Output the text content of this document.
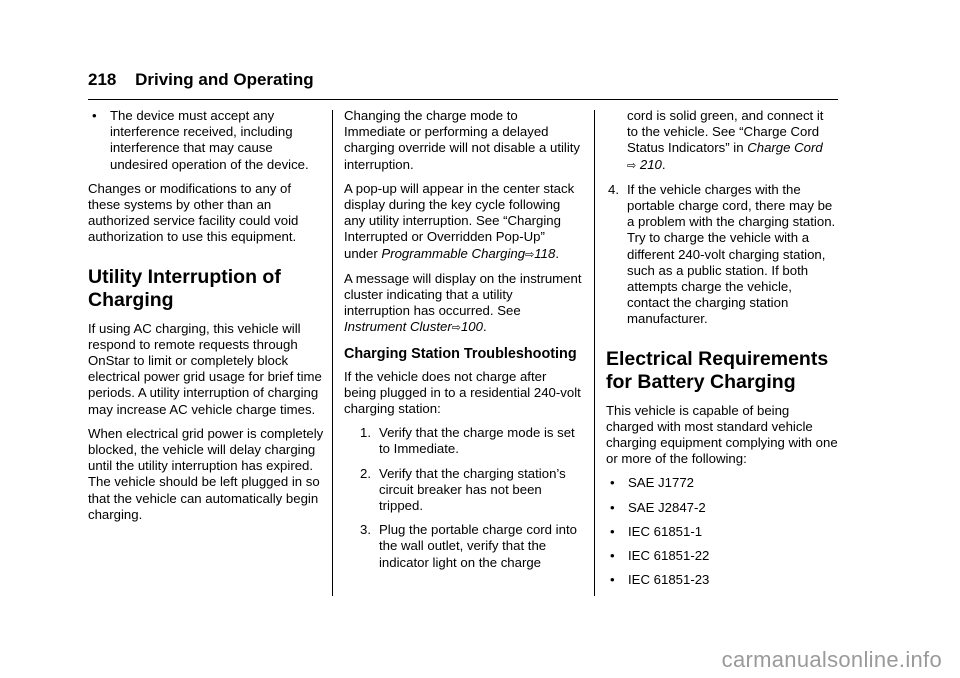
218 Driving and Operating
•	The device must accept any interference received, including interference that may cause undesired operation of the device.

Changes or modifications to any of these systems by other than an authorized service facility could void authorization to use this equipment.

Utility Interruption of Charging

If using AC charging, this vehicle will respond to remote requests through OnStar to limit or completely block electrical power grid usage for brief time periods. A utility interruption of charging may increase AC vehicle charge times.

When electrical grid power is completely blocked, the vehicle will delay charging until the utility interruption has expired. The vehicle should be left plugged in so that the vehicle can automatically begin charging.

Changing the charge mode to Immediate or performing a delayed charging override will not disable a utility interruption.

A pop-up will appear in the center stack display during the key cycle following any utility interruption. See “Charging Interrupted or Overridden Pop-Up” under Programmable Charging⇨118.

A message will display on the instrument cluster indicating that a utility interruption has occurred. See Instrument Cluster⇨100.

Charging Station Troubleshooting

If the vehicle does not charge after being plugged in to a residential 240-volt charging station:

1. Verify that the charge mode is set to Immediate.
2. Verify that the charging station’s circuit breaker has not been tripped.
3. Plug the portable charge cord into the wall outlet, verify that the indicator light on the charge
cord is solid green, and connect it to the vehicle. See “Charge Cord Status Indicators” in Charge Cord
⇨ 210.
4. If the vehicle charges with the portable charge cord, there may be a problem with the charging station. Try to charge the vehicle with a different 240-volt charging station, such as a public station. If both attempts charge the vehicle, contact the charging station manufacturer.
Electrical Requirements for Battery Charging

This vehicle is capable of being charged with most standard vehicle charging equipment complying with one or more of the following:

•	SAE J1772
•	SAE J2847-2
•	IEC 61851-1
•	IEC 61851-22
•	IEC 61851-23
carmanualsonline.info
